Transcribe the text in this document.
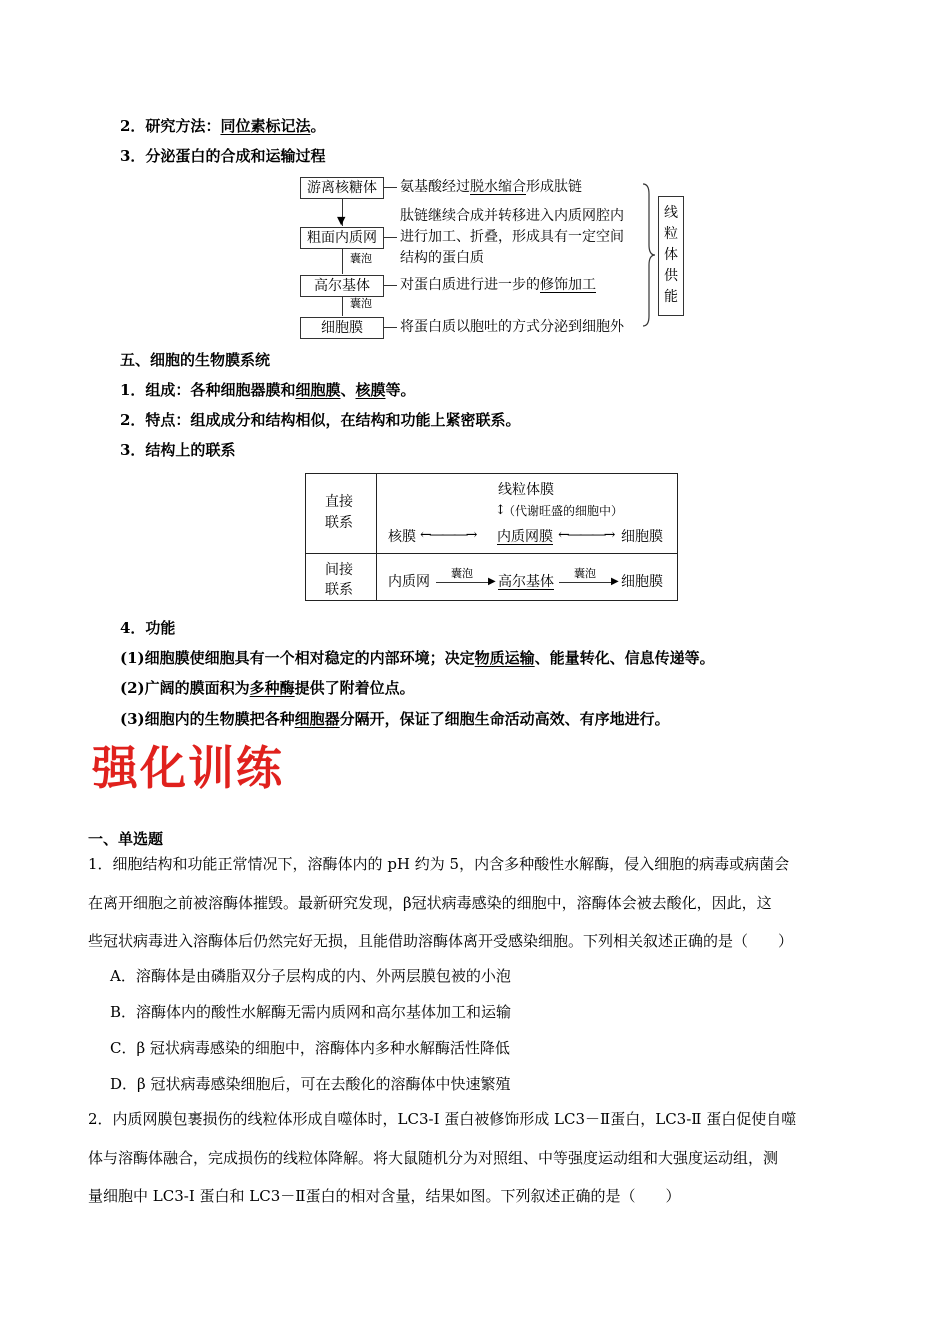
2．研究方法：同位素标记法。
3．分泌蛋白的合成和运输过程
游离核糖体
粗面内质网
高尔基体
细胞膜
▼
囊泡
囊泡
氨基酸经过脱水缩合形成肽链
肽链继续合成并转移进入内质网腔内
进行加工、折叠，形成具有一定空间
结构的蛋白质
对蛋白质进行进一步的修饰加工
将蛋白质以胞吐的方式分泌到细胞外
线粒体供能
五、细胞的生物膜系统
1．组成：各种细胞器膜和细胞膜、核膜等。
2．特点：组成成分和结构相似，在结构和功能上紧密联系。
3．结构上的联系
直接
联系
间接
联系
线粒体膜
↕
（代谢旺盛的细胞中）
核膜 ←―――→ 内质网膜 ←―――→ 细胞膜
内质网
囊泡
▶ 高尔基体
囊泡
▶ 细胞膜
4．功能
(1)细胞膜使细胞具有一个相对稳定的内部环境；决定物质运输、能量转化、信息传递等。
(2)广阔的膜面积为多种酶提供了附着位点。
(3)细胞内的生物膜把各种细胞器分隔开，保证了细胞生命活动高效、有序地进行。
强化训练
一、单选题
1．细胞结构和功能正常情况下，溶酶体内的 pH 约为 5，内含多种酸性水解酶，侵入细胞的病毒或病菌会
在离开细胞之前被溶酶体摧毁。最新研究发现，β冠状病毒感染的细胞中，溶酶体会被去酸化，因此，这
些冠状病毒进入溶酶体后仍然完好无损，且能借助溶酶体离开受感染细胞。下列相关叙述正确的是（　　）
A．溶酶体是由磷脂双分子层构成的内、外两层膜包被的小泡
B．溶酶体内的酸性水解酶无需内质网和高尔基体加工和运输
C．β 冠状病毒感染的细胞中，溶酶体内多种水解酶活性降低
D．β 冠状病毒感染细胞后，可在去酸化的溶酶体中快速繁殖
2．内质网膜包裹损伤的线粒体形成自噬体时，LC3-I 蛋白被修饰形成 LC3－Ⅱ蛋白，LC3-Ⅱ 蛋白促使自噬
体与溶酶体融合，完成损伤的线粒体降解。将大鼠随机分为对照组、中等强度运动组和大强度运动组，测
量细胞中 LC3-I 蛋白和 LC3－Ⅱ蛋白的相对含量，结果如图。下列叙述正确的是（　　）
